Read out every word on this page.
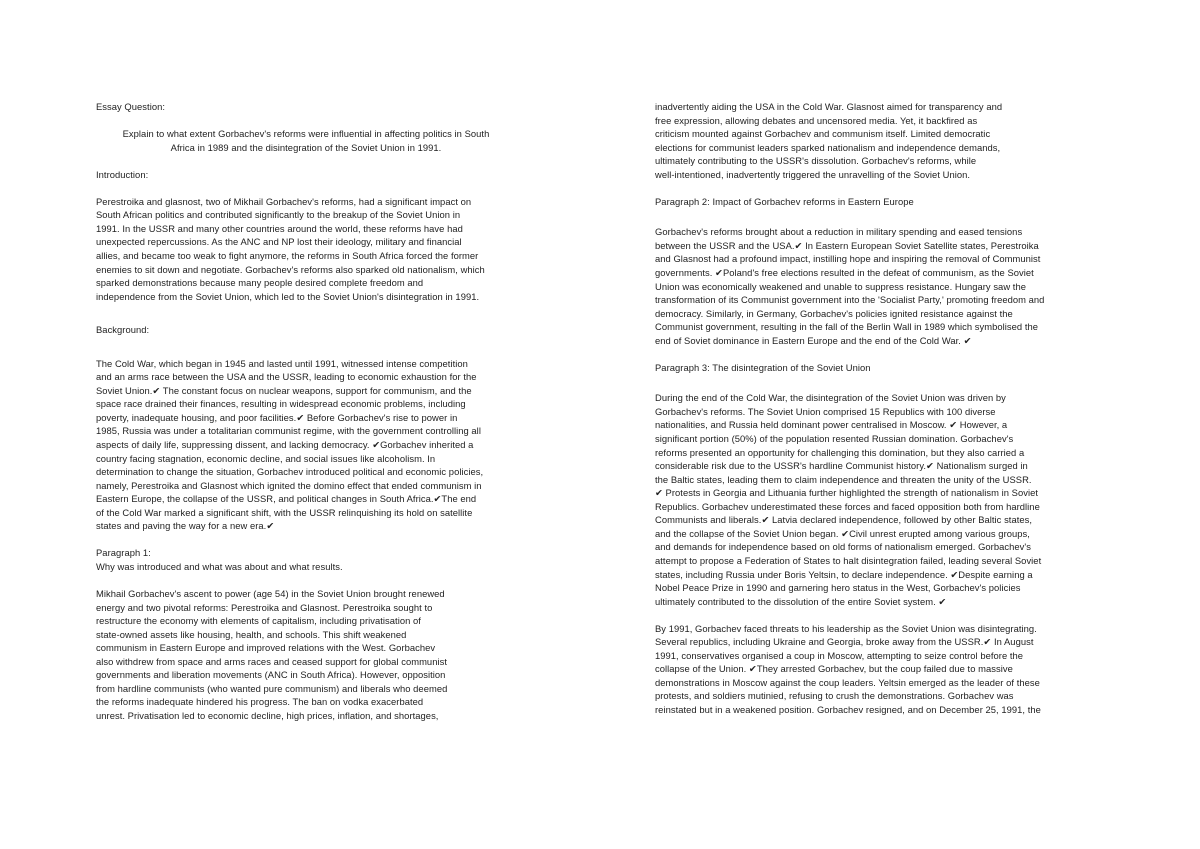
Essay Question:
Explain to what extent Gorbachev's reforms were influential in affecting politics in South
Africa in 1989 and the disintegration of the Soviet Union in 1991.
Introduction:
Perestroika and glasnost, two of Mikhail Gorbachev's reforms, had a significant impact on
South African politics and contributed significantly to the breakup of the Soviet Union in
1991. In the USSR and many other countries around the world, these reforms have had
unexpected repercussions. As the ANC and NP lost their ideology, military and financial
allies, and became too weak to fight anymore, the reforms in South Africa forced the former
enemies to sit down and negotiate. Gorbachev's reforms also sparked old nationalism, which
sparked demonstrations because many people desired complete freedom and
independence from the Soviet Union, which led to the Soviet Union's disintegration in 1991.
Background:
The Cold War, which began in 1945 and lasted until 1991, witnessed intense competition
and an arms race between the USA and the USSR, leading to economic exhaustion for the
Soviet Union.✔ The constant focus on nuclear weapons, support for communism, and the
space race drained their finances, resulting in widespread economic problems, including
poverty, inadequate housing, and poor facilities.✔ Before Gorbachev's rise to power in
1985, Russia was under a totalitarian communist regime, with the government controlling all
aspects of daily life, suppressing dissent, and lacking democracy. ✔Gorbachev inherited a
country facing stagnation, economic decline, and social issues like alcoholism. In
determination to change the situation, Gorbachev introduced political and economic policies,
namely, Perestroika and Glasnost which ignited the domino effect that ended communism in
Eastern Europe, the collapse of the USSR, and political changes in South Africa.✔The end
of the Cold War marked a significant shift, with the USSR relinquishing its hold on satellite
states and paving the way for a new era.✔
Paragraph 1:
Why was introduced and what was about and what results.
Mikhail Gorbachev's ascent to power (age 54) in the Soviet Union brought renewed
energy and two pivotal reforms: Perestroika and Glasnost. Perestroika sought to
restructure the economy with elements of capitalism, including privatisation of
state-owned assets like housing, health, and schools. This shift weakened
communism in Eastern Europe and improved relations with the West. Gorbachev
also withdrew from space and arms races and ceased support for global communist
governments and liberation movements (ANC in South Africa). However, opposition
from hardline communists (who wanted pure communism) and liberals who deemed
the reforms inadequate hindered his progress. The ban on vodka exacerbated
unrest. Privatisation led to economic decline, high prices, inflation, and shortages,
inadvertently aiding the USA in the Cold War. Glasnost aimed for transparency and
free expression, allowing debates and uncensored media. Yet, it backfired as
criticism mounted against Gorbachev and communism itself. Limited democratic
elections for communist leaders sparked nationalism and independence demands,
ultimately contributing to the USSR's dissolution. Gorbachev's reforms, while
well-intentioned, inadvertently triggered the unravelling of the Soviet Union.
Paragraph 2: Impact of Gorbachev reforms in Eastern Europe
Gorbachev's reforms brought about a reduction in military spending and eased tensions
between the USSR and the USA.✔ In Eastern European Soviet Satellite states, Perestroika
and Glasnost had a profound impact, instilling hope and inspiring the removal of Communist
governments. ✔Poland's free elections resulted in the defeat of communism, as the Soviet
Union was economically weakened and unable to suppress resistance. Hungary saw the
transformation of its Communist government into the 'Socialist Party,' promoting freedom and
democracy. Similarly, in Germany, Gorbachev's policies ignited resistance against the
Communist government, resulting in the fall of the Berlin Wall in 1989 which symbolised the
end of Soviet dominance in Eastern Europe and the end of the Cold War. ✔
Paragraph 3: The disintegration of the Soviet Union
During the end of the Cold War, the disintegration of the Soviet Union was driven by
Gorbachev's reforms. The Soviet Union comprised 15 Republics with 100 diverse
nationalities, and Russia held dominant power centralised in Moscow. ✔ However, a
significant portion (50%) of the population resented Russian domination. Gorbachev's
reforms presented an opportunity for challenging this domination, but they also carried a
considerable risk due to the USSR's hardline Communist history.✔ Nationalism surged in
the Baltic states, leading them to claim independence and threaten the unity of the USSR.
✔ Protests in Georgia and Lithuania further highlighted the strength of nationalism in Soviet
Republics. Gorbachev underestimated these forces and faced opposition both from hardline
Communists and liberals.✔ Latvia declared independence, followed by other Baltic states,
and the collapse of the Soviet Union began. ✔Civil unrest erupted among various groups,
and demands for independence based on old forms of nationalism emerged. Gorbachev's
attempt to propose a Federation of States to halt disintegration failed, leading several Soviet
states, including Russia under Boris Yeltsin, to declare independence. ✔Despite earning a
Nobel Peace Prize in 1990 and garnering hero status in the West, Gorbachev's policies
ultimately contributed to the dissolution of the entire Soviet system. ✔
By 1991, Gorbachev faced threats to his leadership as the Soviet Union was disintegrating.
Several republics, including Ukraine and Georgia, broke away from the USSR.✔ In August
1991, conservatives organised a coup in Moscow, attempting to seize control before the
collapse of the Union. ✔They arrested Gorbachev, but the coup failed due to massive
demonstrations in Moscow against the coup leaders. Yeltsin emerged as the leader of these
protests, and soldiers mutinied, refusing to crush the demonstrations. Gorbachev was
reinstated but in a weakened position. Gorbachev resigned, and on December 25, 1991, the
